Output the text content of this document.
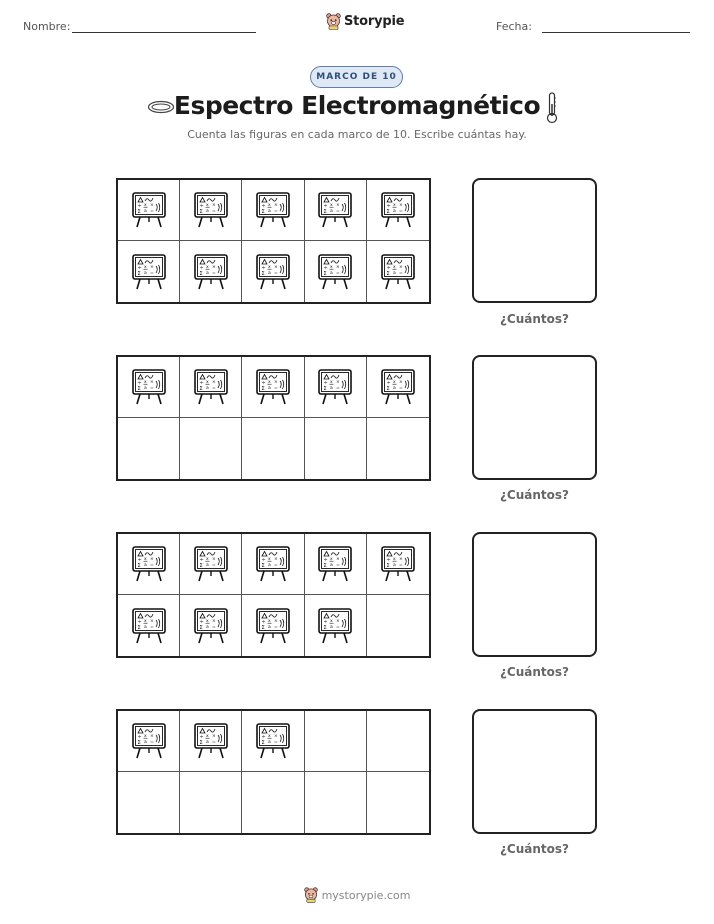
Nombre:	Storypie	Fecha:
MARCO DE 10
Espectro Electromagnético
Cuenta las figuras en cada marco de 10. Escribe cuántas hay.
÷
Σ
x
a
×
=
÷
Σ
x
a
×
=
÷
Σ
x
a
×
=
÷
Σ
x
a
×
=
÷
Σ
x
a
×
=
÷
Σ
x
a
×
=
÷
Σ
x
a
×
=
÷
Σ
x
a
×
=
÷
Σ
x
a
×
=
÷
Σ
x
a
×
=
¿Cuántos?
÷
Σ
x
a
×
=
÷
Σ
x
a
×
=
÷
Σ
x
a
×
=
÷
Σ
x
a
×
=
÷
Σ
x
a
×
=
¿Cuántos?
÷
Σ
x
a
×
=
÷
Σ
x
a
×
=
÷
Σ
x
a
×
=
÷
Σ
x
a
×
=
÷
Σ
x
a
×
=
÷
Σ
x
a
×
=
÷
Σ
x
a
×
=
÷
Σ
x
a
×
=
÷
Σ
x
a
×
=
¿Cuántos?
÷
Σ
x
a
×
=
÷
Σ
x
a
×
=
÷
Σ
x
a
×
=
¿Cuántos?
mystorypie.com
